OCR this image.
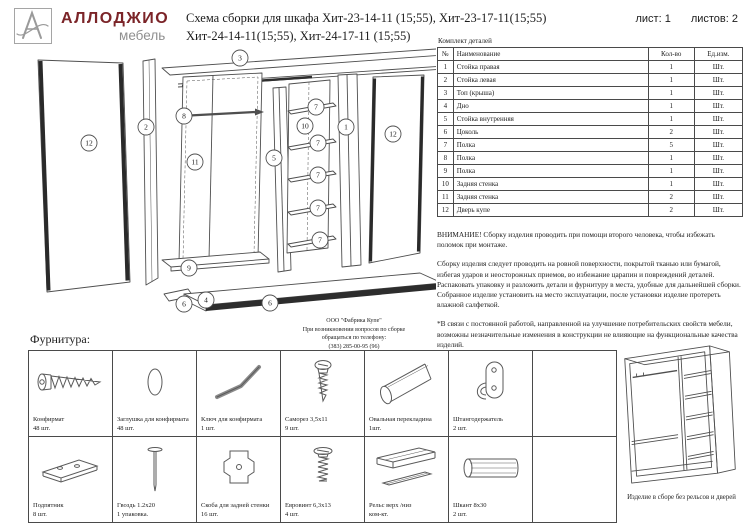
АЛЛОДЖИО
мебель
Схема сборки для шкафа Хит-23-14-11 (15;55), Хит-23-17-11(15;55)
Хит-24-14-11(15;55), Хит-24-17-11 (15;55)
лист: 1 листов: 2
3
12
2
8
11	5
10
7
7
7
7
7
1
12
9
6 4	6
ООО "Фабрика Купе"
При возникновении вопросов по сборке
обращаться по телефону:
(383) 285-00-95 (96)
Комплект деталей
№	Наименование	Кол-во	Ед.изм.
1	Стойка правая	1	Шт.
2	Стойка левая	1	Шт.
3	Топ (крыша)	1	Шт.
4	Дно	1	Шт.
5	Стойка внутренняя	1	Шт.
6	Цоколь	2	Шт.
7	Полка	5	Шт.
8	Полка	1	Шт.
9	Полка	1	Шт.
10	Задняя стенка	1	Шт.
11	Задняя стенка	2	Шт.
12	Дверь купе	2	Шт.

ВНИМАНИЕ! Сборку изделия проводить при помощи второго человека, чтобы избежать поломок при монтаже.

Сборку изделия следует проводить на ровной поверхности, покрытой тканью или бумагой, избегая ударов и неосторожных приемов, во избежание царапин и повреждений деталей.

Распаковать упаковку и разложить детали и фурнитуру в места, удобные для дальнейшей сборки.

Собранное изделие установить на место эксплуатации, после установки изделие протереть влажной салфеткой.

*В связи с постоянной работой, направленной на улучшение потребительских свойств мебели, возможны незначительные изменения в конструкции не влияющие на функциональные качества изделий.

Фурнитура:
Конфирмат
48 шт.	Заглушка для конфирмата
48 шт.	Ключ для конфирмата
1 шт.	Саморез 3,5х11
9 шт.	Овальная перекладина
1шт.	Штангодержатель
2 шт.	

Подпятник
8 шт.	Гвоздь 1.2х20
1 упаковка.	Скоба для задней стенки
16 шт.	Евровинт 6,3х13
4 шт.	Рельс верх /низ
ком-кт.	Шкант 8х30
2 шт.	

Изделие в сборе без рельсов и дверей
